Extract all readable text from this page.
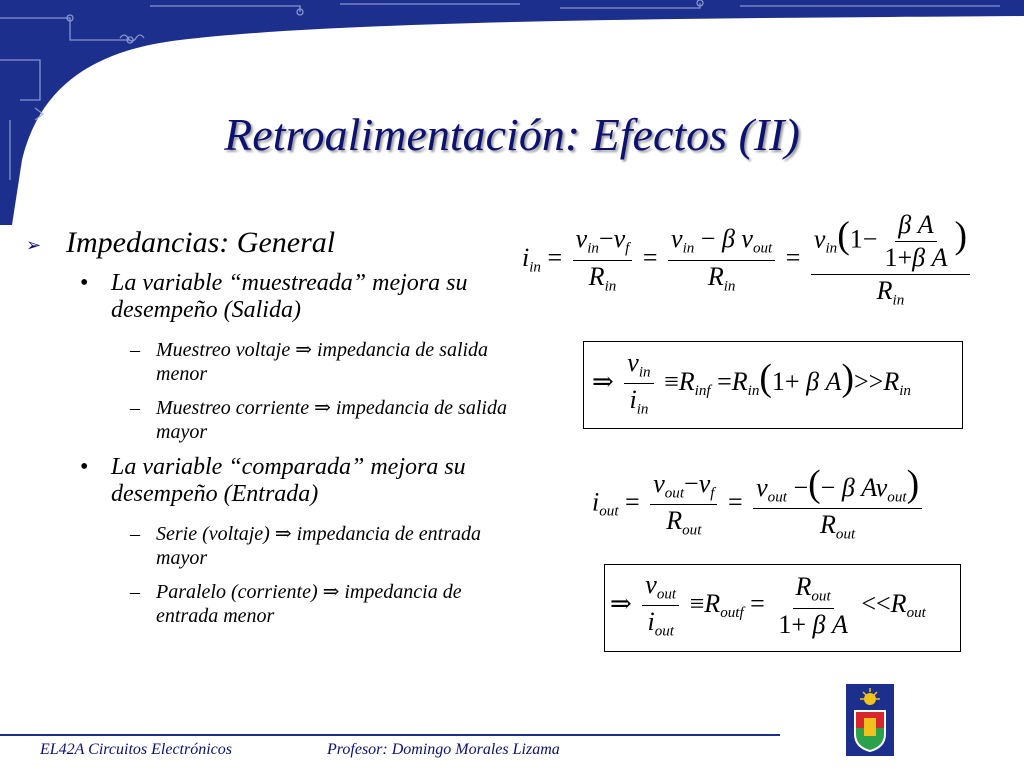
Retroalimentación: Efectos (II)
➢ Impedancias: General
• La variable “muestreada” mejora su desempeño (Salida)
– Muestreo voltaje ⇒ impedancia de salida menor
– Muestreo corriente ⇒ impedancia de salida mayor
• La variable “comparada” mejora su desempeño (Entrada)
– Serie (voltaje) ⇒ impedancia de entrada mayor
– Paralelo (corriente) ⇒ impedancia de entrada menor
$i_{in} = \frac{v_{in}-v_f}{R_{in}} = \frac{v_{in} - \beta v_{out}}{R_{in}} = \frac{v_{in}(1- \frac{\text{β A}}{\text{1+β A}} )}{R_{in}}$
⇒ $\frac{v_{in}}{i_{in}} \equiv R_{inf} =R_{in}(1+ \beta$ $A)>>R_{in}$
$i_{out} = \frac{v_{out}-v_f}{R_{out}} = \frac{v_{out} -(- \beta Av_{out})}{R_{out}}$
⇒ $\frac{v_{out}}{i_{out}} \equiv R_{outf} = \frac{R_{out}}{\text{1+ β A}} <<R_{out}$
EL42A Circuitos Electrónicos	Profesor: Domingo Morales Lizama
